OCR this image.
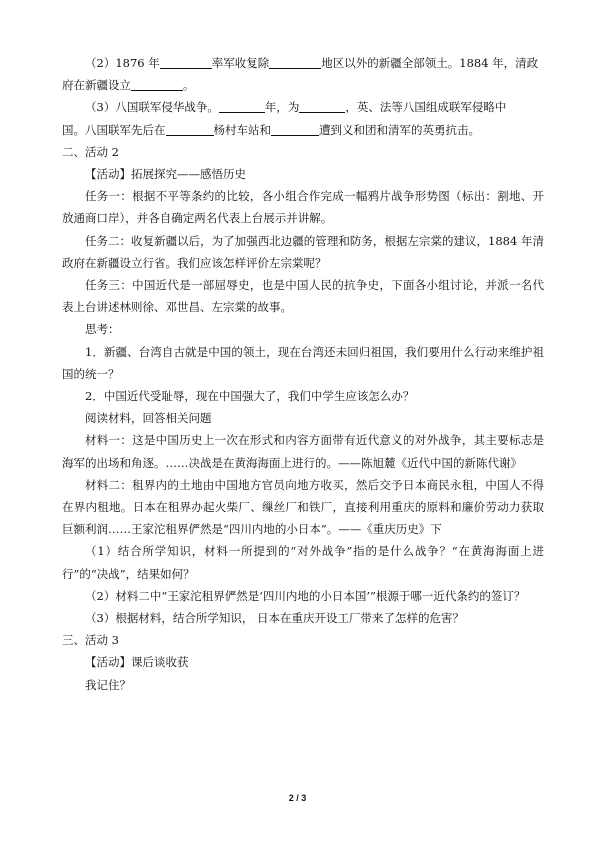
（2）1876 年	率军收复除	地区以外的新疆全部领土。1884 年，清政

府在新疆设立	。

（3）八国联军侵华战争。	年，为	，英、法等八国组成联军侵略中

国。八国联军先后在	杨村车站和	遭到义和团和清军的英勇抗击。

二、活动 2

【活动】拓展探究——感悟历史

任务一：根据不平等条约的比较，各小组合作完成一幅鸦片战争形势图（标出：割地、开放通商口岸），并各自确定两名代表上台展示并讲解。

任务二：收复新疆以后，为了加强西北边疆的管理和防务，根据左宗棠的建议，1884 年清政府在新疆设立行省。我们应该怎样评价左宗棠呢？

任务三：中国近代是一部屈辱史，也是中国人民的抗争史，下面各小组讨论，并派一名代表上台讲述林则徐、邓世昌、左宗棠的故事。

思考：

1．新疆、台湾自古就是中国的领土，现在台湾还未回归祖国，我们要用什么行动来维护祖国的统一？

2．中国近代受耻辱，现在中国强大了，我们中学生应该怎么办？

阅读材料，回答相关问题

材料一：这是中国历史上一次在形式和内容方面带有近代意义的对外战争，其主要标志是海军的出场和角逐。……决战是在黄海海面上进行的。——陈旭麓《近代中国的新陈代谢》

材料二：租界内的土地由中国地方官员向地方收买，然后交予日本商民永租，中国人不得在界内租地。日本在租界办起火柴厂、缫丝厂和铁厂，直接利用重庆的原料和廉价劳动力获取巨额利润……王家沱租界俨然是“四川内地的小日本”。——《重庆历史》下

（1）结合所学知识，材料一所提到的“对外战争”指的是什么战争？“在黄海海面上进行”的“决战”，结果如何？

（2）材料二中“王家沱租界俨然是‘四川内地的小日本国’”根源于哪一近代条约的签订？

（3）根据材料，结合所学知识， 日本在重庆开设工厂带来了怎样的危害？

三、活动 3

【活动】课后谈收获

我记住？

2 / 3
